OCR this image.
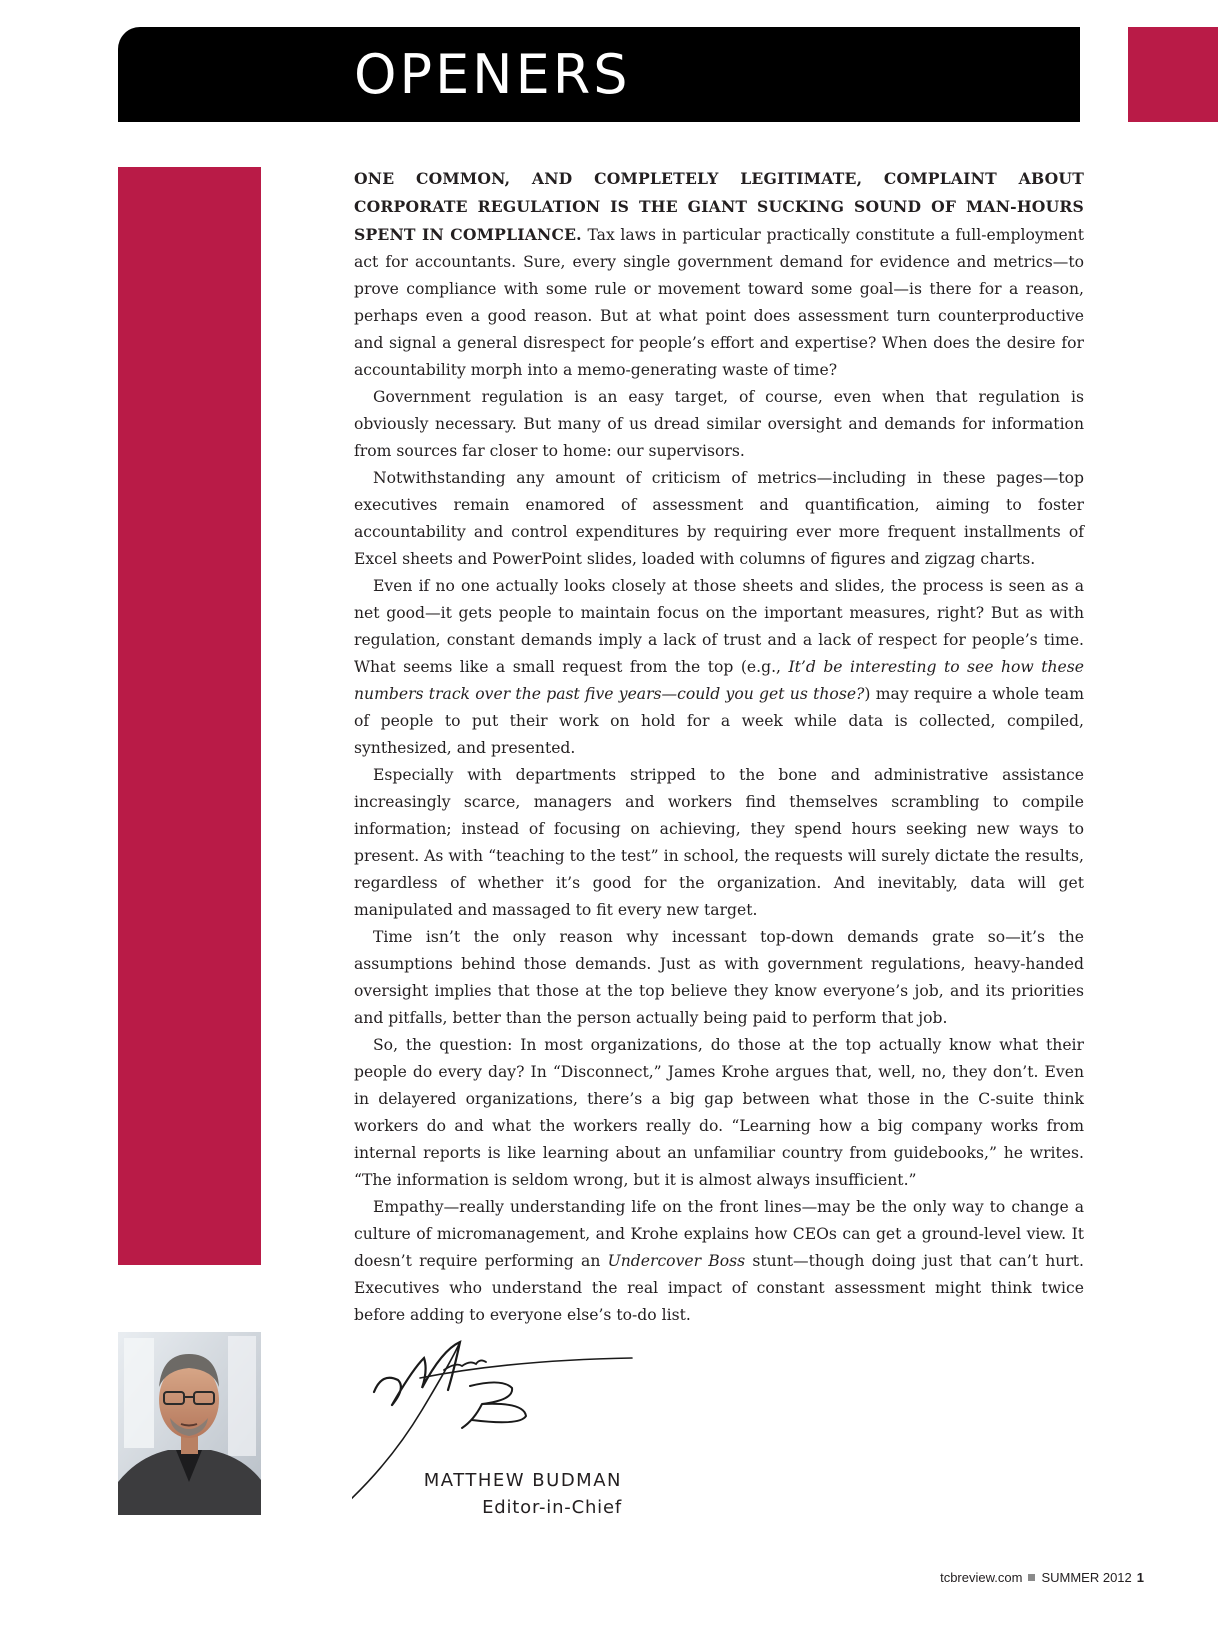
OPENERS

ONE COMMON, AND COMPLETELY LEGITIMATE, COMPLAINT ABOUT CORPORATE REGULATION IS THE GIANT SUCKING SOUND OF MAN-HOURS SPENT IN COMPLIANCE. Tax laws in particular practically constitute a full-employment act for accountants. Sure, every single government demand for evidence and metrics—to prove compliance with some rule or movement toward some goal—is there for a reason, perhaps even a good reason. But at what point does assessment turn counterproductive and signal a general disrespect for people’s effort and expertise? When does the desire for accountability morph into a memo-generating waste of time?

Government regulation is an easy target, of course, even when that regulation is obviously necessary. But many of us dread similar oversight and demands for information from sources far closer to home: our supervisors.

Notwithstanding any amount of criticism of metrics—including in these pages—top executives remain enamored of assessment and quantification, aiming to foster accountability and control expenditures by requiring ever more frequent installments of Excel sheets and PowerPoint slides, loaded with columns of figures and zigzag charts.

Even if no one actually looks closely at those sheets and slides, the process is seen as a net good—it gets people to maintain focus on the important measures, right? But as with regulation, constant demands imply a lack of trust and a lack of respect for people’s time. What seems like a small request from the top (e.g., It’d be interesting to see how these numbers track over the past five years—could you get us those?) may require a whole team of people to put their work on hold for a week while data is collected, compiled, synthesized, and presented.

Especially with departments stripped to the bone and administrative assistance increasingly scarce, managers and workers find themselves scrambling to compile information; instead of focusing on achieving, they spend hours seeking new ways to present. As with “teaching to the test” in school, the requests will surely dictate the results, regardless of whether it’s good for the organization. And inevitably, data will get manipulated and massaged to fit every new target.

Time isn’t the only reason why incessant top-down demands grate so—it’s the assumptions behind those demands. Just as with government regulations, heavy-handed oversight implies that those at the top believe they know everyone’s job, and its priorities and pitfalls, better than the person actually being paid to perform that job.

So, the question: In most organizations, do those at the top actually know what their people do every day? In “Disconnect,” James Krohe argues that, well, no, they don’t. Even in delayered organizations, there’s a big gap between what those in the C-suite think workers do and what the workers really do. “Learning how a big company works from internal reports is like learning about an unfamiliar country from guidebooks,” he writes. “The information is seldom wrong, but it is almost always insufficient.”

Empathy—really understanding life on the front lines—may be the only way to change a culture of micromanagement, and Krohe explains how CEOs can get a ground-level view. It doesn’t require performing an Undercover Boss stunt—though doing just that can’t hurt. Executives who understand the real impact of constant assessment might think twice before adding to everyone else’s to-do list.

MATTHEW BUDMAN
Editor-in-Chief
tcbreview.com SUMMER 2012 1
